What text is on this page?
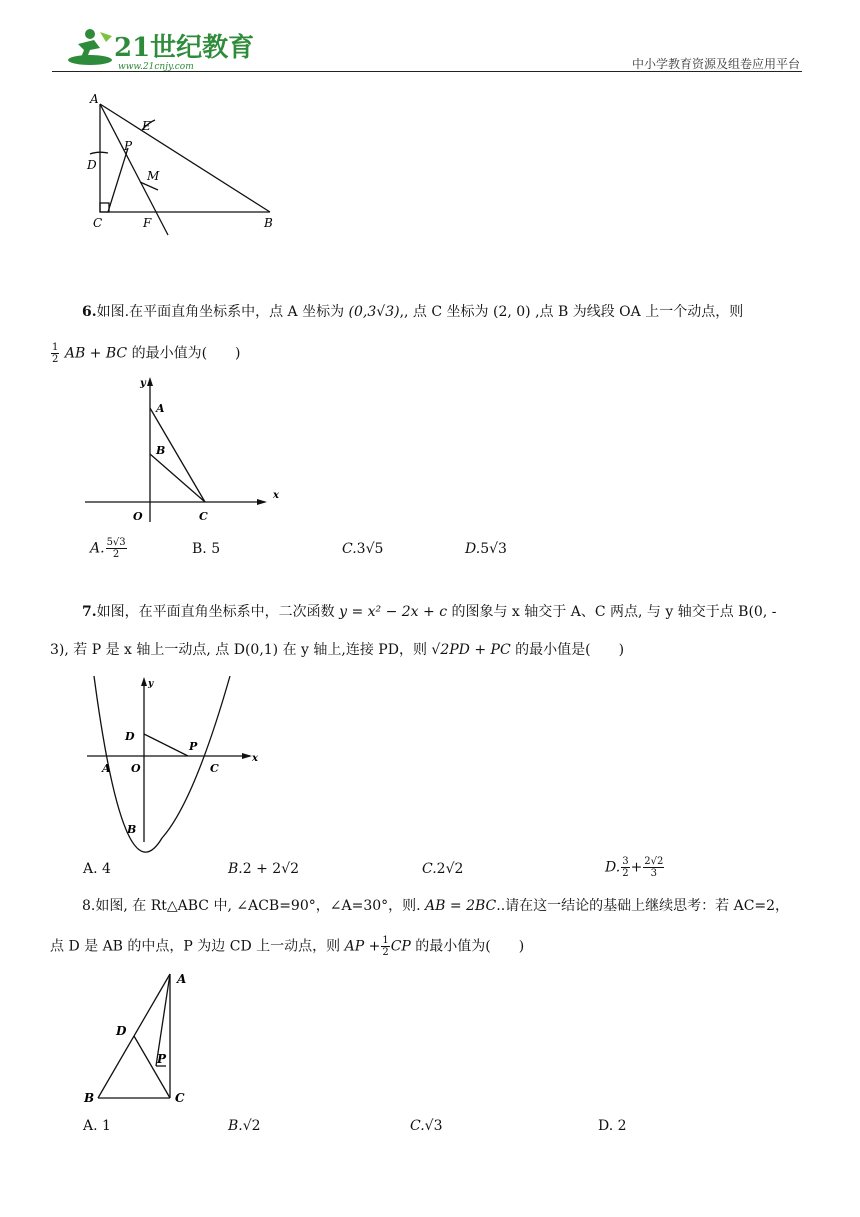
21世纪教育
www.21cnjy.com	中小学教育资源及组卷应用平台
A
E
D
P
M
C	F	B
6.如图.在平面直角坐标系中，点 A 坐标为 (0,3√3),, 点 C 坐标为 (2, 0) ,点 B 为线段 OA 上一个动点，则
$\frac{1}{2}$ AB + BC 的最小值为(　　)
y
A
B
O	C
x
A. $\frac{5√3}{2}$	B. 5	C.3√5	D.5√3
7.如图，在平面直角坐标系中，二次函数 y = x² − 2x + c 的图象与 x 轴交于 A、C 两点, 与 y 轴交于点 B(0, -
3), 若 P 是 x 轴上一动点, 点 D(0,1) 在 y 轴上,连接 PD，则 √2PD + PC 的最小值是(　　)
y
D
P
A O	C
x
B
A. 4	B.2 + 2√2	C.2√2	D. $\frac{3}{2} + \frac{2√2}{3}$
8.如图, 在 Rt△ABC 中, ∠ACB=90°，∠A=30°，则. AB = 2BC..请在这一结论的基础上继续思考：若 AC=2，
点 D 是 AB 的中点，P 为边 CD 上一动点，则 AP + $\frac{1}{2}$ CP 的最小值为(　　)
A
D
P
B	C
A. 1	B.√2	C.√3	D. 2
